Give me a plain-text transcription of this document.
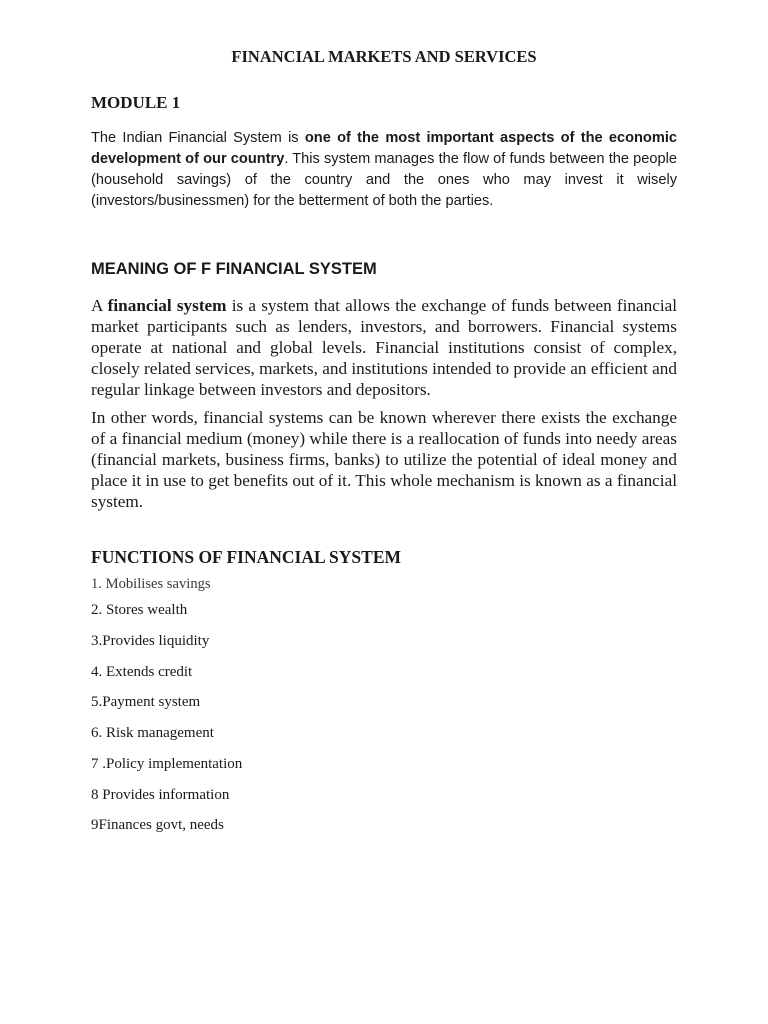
FINANCIAL MARKETS AND SERVICES
MODULE 1

The Indian Financial System is one of the most important aspects of the economic development of our country. This system manages the flow of funds between the people (household savings) of the country and the ones who may invest it wisely (investors/businessmen) for the betterment of both the parties.

MEANING OF F FINANCIAL SYSTEM

A financial system is a system that allows the exchange of funds between financial market participants such as lenders, investors, and borrowers. Financial systems operate at national and global levels. Financial institutions consist of complex, closely related services, markets, and institutions intended to provide an efficient and regular linkage between investors and depositors.

In other words, financial systems can be known wherever there exists the exchange of a financial medium (money) while there is a reallocation of funds into needy areas (financial markets, business firms, banks) to utilize the potential of ideal money and place it in use to get benefits out of it. This whole mechanism is known as a financial system.

FUNCTIONS OF FINANCIAL SYSTEM

1. Mobilises savings

2. Stores wealth

3.Provides liquidity

4. Extends credit

5.Payment system

6. Risk management

7 .Policy implementation

8 Provides information

9Finances govt, needs
